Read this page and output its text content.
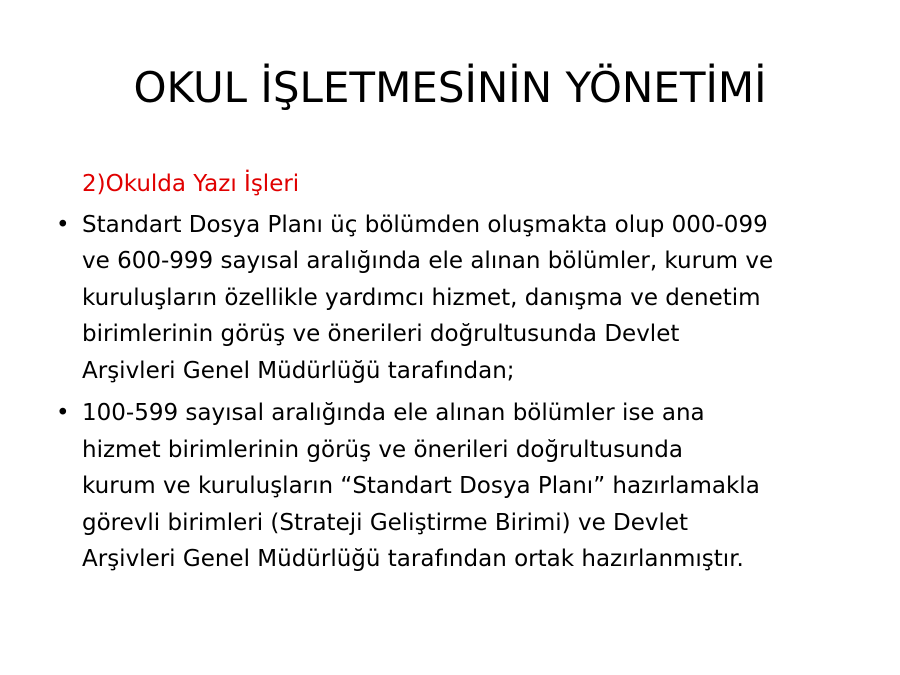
OKUL İŞLETMESİNİN YÖNETİMİ

2)Okulda Yazı İşleri

• Standart Dosya Planı üç bölümden oluşmakta olup 000-099
ve 600-999 sayısal aralığında ele alınan bölümler, kurum ve
kuruluşların özellikle yardımcı hizmet, danışma ve denetim
birimlerinin görüş ve önerileri doğrultusunda Devlet
Arşivleri Genel Müdürlüğü tarafından;
• 100-599 sayısal aralığında ele alınan bölümler ise ana
hizmet birimlerinin görüş ve önerileri doğrultusunda
kurum ve kuruluşların “Standart Dosya Planı” hazırlamakla
görevli birimleri (Strateji Geliştirme Birimi) ve Devlet
Arşivleri Genel Müdürlüğü tarafından ortak hazırlanmıştır.
